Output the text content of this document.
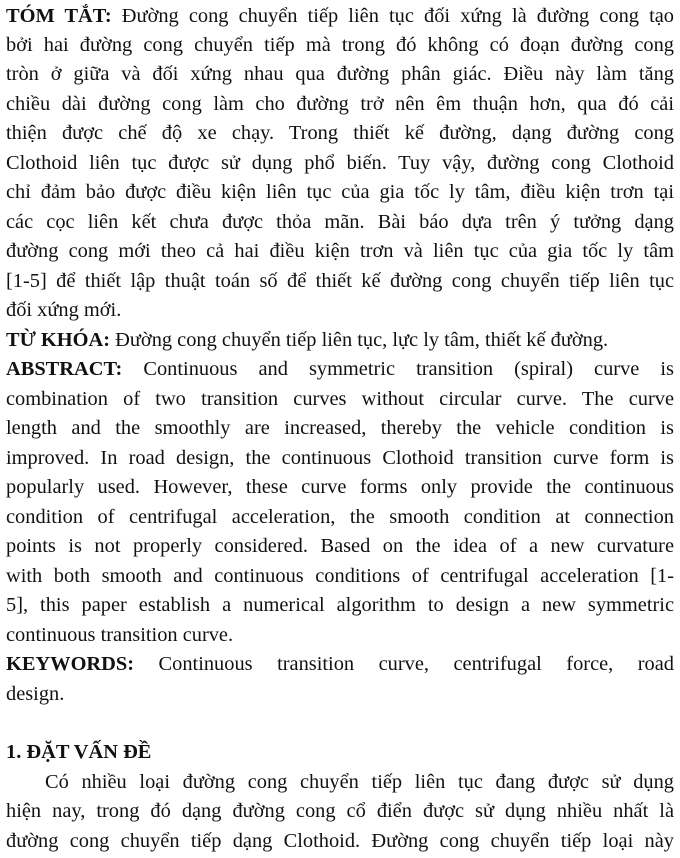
TÓM TẮT: Đường cong chuyển tiếp liên tục đối xứng là đường cong tạo
bởi hai đường cong chuyển tiếp mà trong đó không có đoạn đường cong
tròn ở giữa và đối xứng nhau qua đường phân giác. Điều này làm tăng
chiều dài đường cong làm cho đường trở nên êm thuận hơn, qua đó cải
thiện được chế độ xe chạy. Trong thiết kế đường, dạng đường cong
Clothoid liên tục được sử dụng phổ biến. Tuy vậy, đường cong Clothoid
chỉ đảm bảo được điều kiện liên tục của gia tốc ly tâm, điều kiện trơn tại
các cọc liên kết chưa được thỏa mãn. Bài báo dựa trên ý tưởng dạng
đường cong mới theo cả hai điều kiện trơn và liên tục của gia tốc ly tâm
[1-5] để thiết lập thuật toán số để thiết kế đường cong chuyển tiếp liên tục
đối xứng mới.
TỪ KHÓA: Đường cong chuyển tiếp liên tục, lực ly tâm, thiết kế đường.
ABSTRACT: Continuous and symmetric transition (spiral) curve is
combination of two transition curves without circular curve. The curve
length and the smoothly are increased, thereby the vehicle condition is
improved. In road design, the continuous Clothoid transition curve form is
popularly used. However, these curve forms only provide the continuous
condition of centrifugal acceleration, the smooth condition at connection
points is not properly considered. Based on the idea of a new curvature
with both smooth and continuous conditions of centrifugal acceleration [1-
5], this paper establish a numerical algorithm to design a new symmetric
continuous transition curve.
KEYWORDS: Continuous transition curve, centrifugal force, road
design.
1. ĐẶT VẤN ĐỀ
Có nhiều loại đường cong chuyển tiếp liên tục đang được sử dụng
hiện nay, trong đó dạng đường cong cổ điển được sử dụng nhiều nhất là
đường cong chuyển tiếp dạng Clothoid. Đường cong chuyển tiếp loại này
